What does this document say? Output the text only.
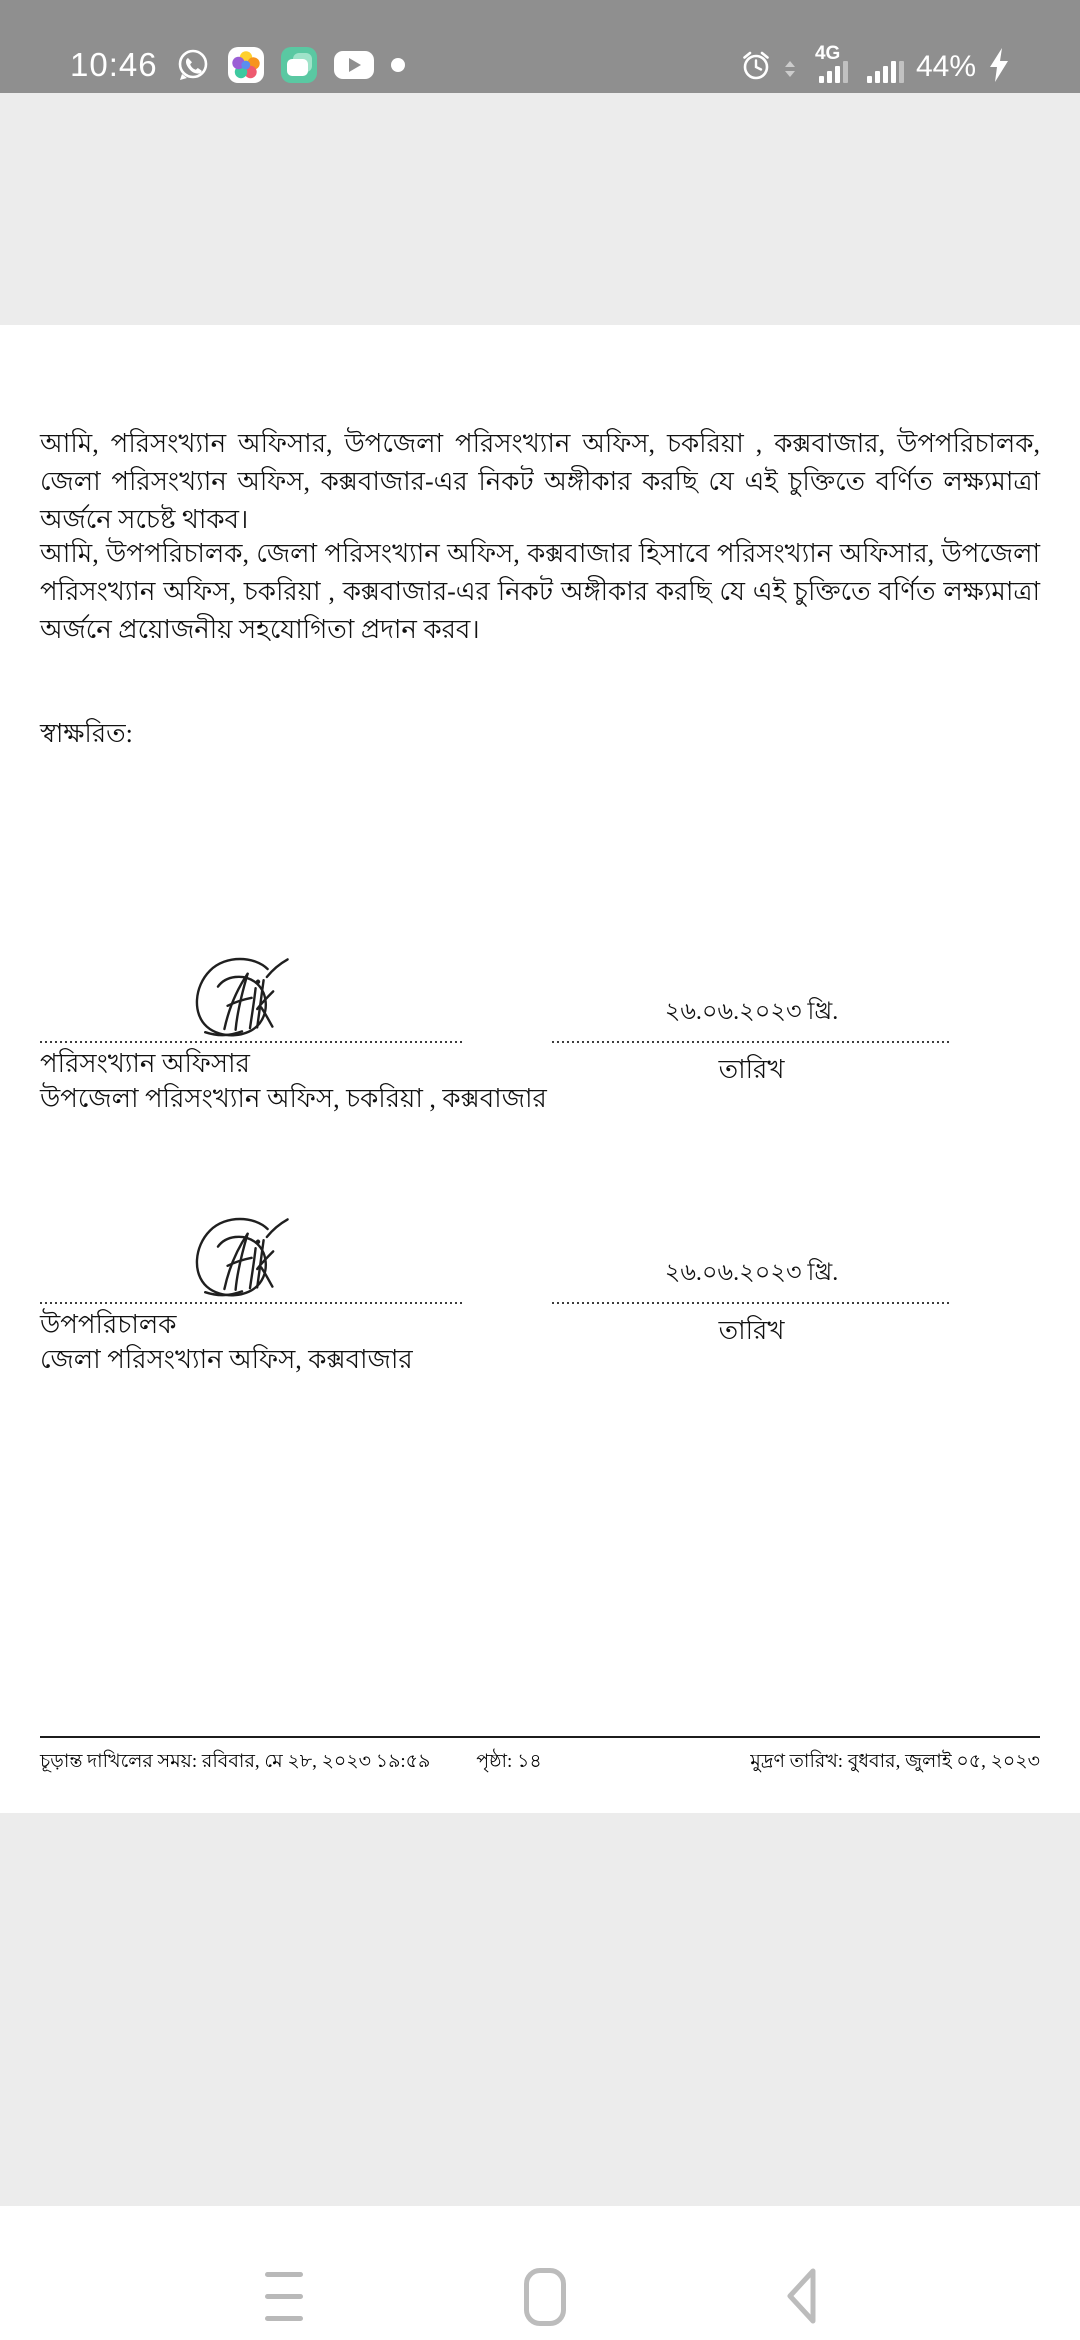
10:46	4G	44%
আমি, পরিসংখ্যান অফিসার, উপজেলা পরিসংখ্যান অফিস, চকরিয়া , কক্সবাজার, উপপরিচালক, জেলা পরিসংখ্যান অফিস, কক্সবাজার-এর নিকট অঙ্গীকার করছি যে এই চুক্তিতে বর্ণিত লক্ষ্যমাত্রা অর্জনে সচেষ্ট থাকব।
আমি, উপপরিচালক, জেলা পরিসংখ্যান অফিস, কক্সবাজার হিসাবে পরিসংখ্যান অফিসার, উপজেলা পরিসংখ্যান অফিস, চকরিয়া , কক্সবাজার-এর নিকট অঙ্গীকার করছি যে এই চুক্তিতে বর্ণিত লক্ষ্যমাত্রা অর্জনে প্রয়োজনীয় সহযোগিতা প্রদান করব।
স্বাক্ষরিত:
২৬.০৬.২০২৩ খ্রি.
পরিসংখ্যান অফিসার	তারিখ
উপজেলা পরিসংখ্যান অফিস, চকরিয়া , কক্সবাজার
২৬.০৬.২০২৩ খ্রি.
উপপরিচালক	তারিখ
জেলা পরিসংখ্যান অফিস, কক্সবাজার
চূড়ান্ত দাখিলের সময়: রবিবার, মে ২৮, ২০২৩ ১৯:৫৯ পৃষ্ঠা: ১৪	মুদ্রণ তারিখ: বুধবার, জুলাই ০৫, ২০২৩
